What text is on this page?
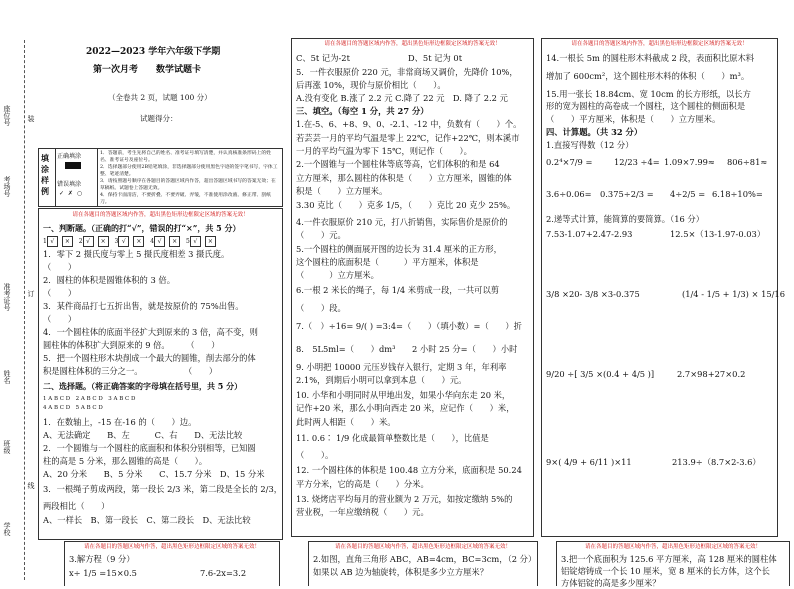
2022—2023 学年六年级下学期
第一次月考　　数学试题卡
（全卷共 2 页，试题 100 分）
试题得分：
座位号
考场号
准考证号
姓名
班级
学校
装
订
线
填涂样例
正确填涂
错误填涂
✓ ✗ ○
1．答题前，考生先将自己的姓名、准考证号填写清楚，并认真核准条形码上的姓名、准考证号及座位号。
2．选择题部分使用2B铅笔填涂，非选择题部分使用黑色字迹的签字笔书写，字体工整、笔迹清楚。
3．请按照题号顺序在各题目的答题区域内作答，超出答题区域书写的答案无效；在草稿纸、试题卷上答题无效。
4．保持卡面清洁，不要折叠、不要弄破、弄皱，不准使用涂改液、修正带、刮纸刀。
请在各题目的答题区域内作答，超出黑色矩形边框限定区域的答案无效！
一、判断题。（正确的打“√”，错误的打“×”，共 5 分）
1 √ × 2 √ × 3 √ × 4 √ × 5 √ ×
1．零下 2 摄氏度与零上 5 摄氏度相差 3 摄氏度。
（　　）
2．圆柱的体积是圆锥体积的 3 倍。
（　　）
3．某件商品打七五折出售，就是按原价的 75%出售。
（　　）
4．一个圆柱体的底面半径扩大到原来的 3 倍，高不变，则
圆柱体的体积扩大到原来的 9 倍。　　　（　　）
5．把一个圆柱形木块削成一个最大的圆锥，削去部分的体
积是圆柱体积的三分之一。　　　　　　（　　）
二、选择题。（将正确答案的字母填在括号里，共 5 分）
1 A B C D　 2 A B C D　 3 A B C D
4 A B C D　 5 A B C D
1．在数轴上，-15 在-16 的（　　）边。
A、无法确定　　B、左　　　C、右　　D、无法比较
2．一个圆锥与一个圆柱的底面积和体积分别相等，已知圆
柱的高是 5 分米，那么圆锥的高是（　　）。
A、20 分米　　B、5 分米　　C、15.7 分米　D、15 分米
3．一根绳子剪成两段，第一段长 2/3 米，第二段是全长的 2/3，
两段相比（　　）
A、一样长　B、第一段长　C、第二段长　D、无法比较
请在各题目的答题区域内作答，超出黑色矩形边框限定区域的答案无效！
3.解方程（9 分）
x÷ 1/5 =15×0.5	7.6-2x=3.2
请在各题目的答题区域内作答，超出黑色矩形边框限定区域的答案无效！
C、5t 记为-2t　　　　　　　D、5t 记为 0t
5．一件衣服原价 220 元，非常商场又调价，先降价 10%，
后再涨 10%，现价与原价相比（　　）。
A.没有变化 B.涨了 2.2 元 C.降了 22 元　D. 降了 2.2 元
三、填空。（每空 1 分，共 27 分）
1.在-5、6、+8、9、0、-2.1、-12 中，负数有（　　）个。
若芸芸一月的平均气温是零上 22℃，记作+22℃，则本溪市
一月的平均气温为零下 15℃，则记作（　　）。
2.一个圆锥与一个圆柱体等底等高，它们体积的和是 64
立方厘米，那么圆柱的体积是（　　）立方厘米，圆锥的体
积是（　　）立方厘米。
3.30 克比（　　）克多 1/5，（　　）克比 20 克少 25%。
4.一件衣服原价 210 元，打八折销售，实际售价是原价的
（　　）元。
5.一个圆柱的侧面展开图的边长为 31.4 厘米的正方形，
这个圆柱的底面积是（　　　）平方厘米，体积是
（　　　）立方厘米。
6.一根 2 米长的绳子，每 1/4 米剪成一段，一共可以剪
（　　）段。
7.（　）÷16= 9/( ) =3:4=（　　）（填小数）=（　　）折
8.　5L5ml=（　　）dm³　　2 小时 25 分=（　　）小时
9. 小明把 10000 元压岁钱存入银行，定期 3 年，年利率
2.1%，到期后小明可以拿到本息（　　）元。
10. 小华和小明同时从甲地出发，如果小华向东走 20 米，
记作+20 米，那么小明向西走 20 米，应记作（　　）米，
此时两人相距（　　）米。
11. 0.6∶ 1/9 化成最简单整数比是（　　），比值是
（　　）。
12. 一个圆柱体的体积是 100.48 立方分米，底面积是 50.24
平方分米，它的高是（　　）分米。
13. 烧烤店平均每月的营业额为 2 万元，如按定缴纳 5%的
营业税，一年应缴纳税（　　）元。
请在各题目的答题区域内作答，超出黑色矩形边框限定区域的答案无效！
2.如图，直角三角形 ABC，AB=4cm，BC=3cm，（2 分）
如果以 AB 边为轴旋转，体积是多少立方厘米？
请在各题目的答题区域内作答，超出黑色矩形边框限定区域的答案无效！
14.一根长 5m 的圆柱形木料截成 2 段，表面积比原木料
增加了 600cm²，这个圆柱形木料的体积（　　）m³。
15.用一张长 18.84cm、宽 10cm 的长方形纸，以长方
形的宽为圆柱的高卷成一个圆柱，这个圆柱的侧面积是
（　　）平方厘米，体积是（　　）立方厘米。
四、计算题。（共 32 分）
1.直接写得数（12 分）
0.2⁴×7/9 =	12/23 ÷4= 1.09×7.99≈ 806÷81≈
3.6÷0.06= 0.375÷2/3 = 4÷2/5 = 6.18÷10%=
2.递等式计算，能简算的要简算。（16 分）
7.53-1.07+2.47-2.93	12.5×（13-1.97-0.03）
3/8 ×20- 3/8 ×3-0.375	(1/4 - 1/5 + 1/3) × 15/16
9/20 ÷[ 3/5 ×(0.4 + 4/5 )]	2.7×98+27×0.2
9×( 4/9 + 6/11 )×11	213.9÷（8.7×2-3.6）
请在各题目的答题区域内作答，超出黑色矩形边框限定区域的答案无效！
3.把一个底面积为 125.6 平方厘米，高 128 厘米的圆柱体
铝锭熔铸成一个长 10 厘米，宽 8 厘米的长方体，这个长
方体铝锭的高是多少厘米？
